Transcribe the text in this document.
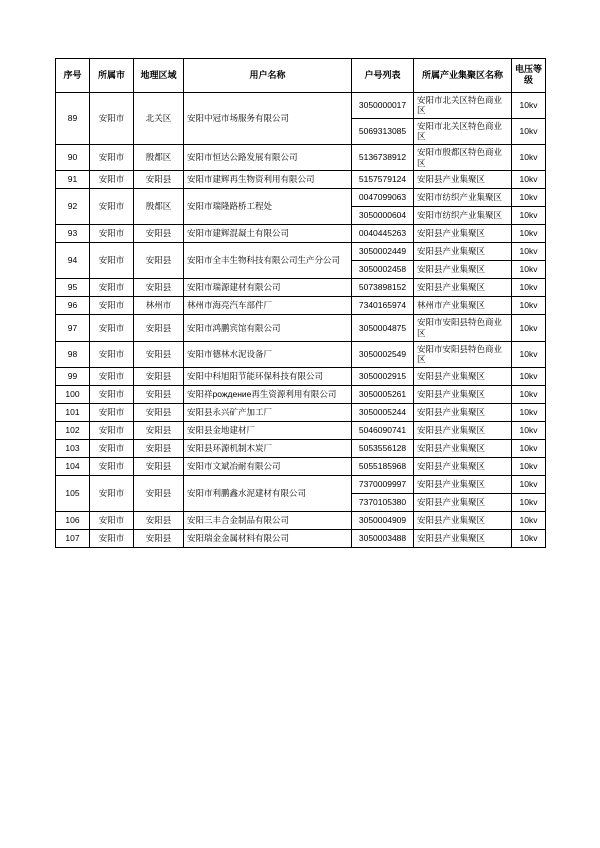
序号	所属市	地理区域	用户名称	户号列表	所属产业集聚区名称	电压等级
89	安阳市	北关区	安阳中冠市场服务有限公司	3050000017	安阳市北关区特色商业区	10kv
				5069313085	安阳市北关区特色商业区	10kv
90	安阳市	殷都区	安阳市恒达公路发展有限公司	5136738912	安阳市殷都区特色商业区	10kv
91	安阳市	安阳县	安阳市建辉再生物资利用有限公司	5157579124	安阳县产业集聚区	10kv
92	安阳市	殷都区	安阳市瑞隆路桥工程处	0047099063	安阳市纺织产业集聚区	10kv
				3050000604	安阳市纺织产业集聚区	10kv
93	安阳市	安阳县	安阳市建辉混凝土有限公司	0040445263	安阳县产业集聚区	10kv
94	安阳市	安阳县	安阳市全丰生物科技有限公司生产分公司	3050002449	安阳县产业集聚区	10kv
				3050002458	安阳县产业集聚区	10kv
95	安阳市	安阳县	安阳市瑞源建材有限公司	5073898152	安阳县产业集聚区	10kv
96	安阳市	林州市	林州市海亮汽车部件厂	7340165974	林州市产业集聚区	10kv
97	安阳市	安阳县	安阳市鸿鹏宾馆有限公司	3050004875	安阳市安阳县特色商业区	10kv
98	安阳市	安阳县	安阳市德林水泥设备厂	3050002549	安阳市安阳县特色商业区	10kv
99	安阳市	安阳县	安阳中科旭阳节能环保科技有限公司	3050002915	安阳县产业集聚区	10kv
100	安阳市	安阳县	安阳祥рождение再生资源利用有限公司	3050005261	安阳县产业集聚区	10kv
101	安阳市	安阳县	安阳县永兴矿产加工厂	3050005244	安阳县产业集聚区	10kv
102	安阳市	安阳县	安阳县金地建材厂	5046090741	安阳县产业集聚区	10kv
103	安阳市	安阳县	安阳县环源机制木炭厂	5053556128	安阳县产业集聚区	10kv
104	安阳市	安阳县	安阳市文斌冶耐有限公司	5055185968	安阳县产业集聚区	10kv
105	安阳市	安阳县	安阳市利鹏鑫水泥建材有限公司	7370009997	安阳县产业集聚区	10kv
				7370105380	安阳县产业集聚区	10kv
106	安阳市	安阳县	安阳三丰合金制品有限公司	3050004909	安阳县产业集聚区	10kv
107	安阳市	安阳县	安阳瑞金金属材料有限公司	3050003488	安阳县产业集聚区	10kv
